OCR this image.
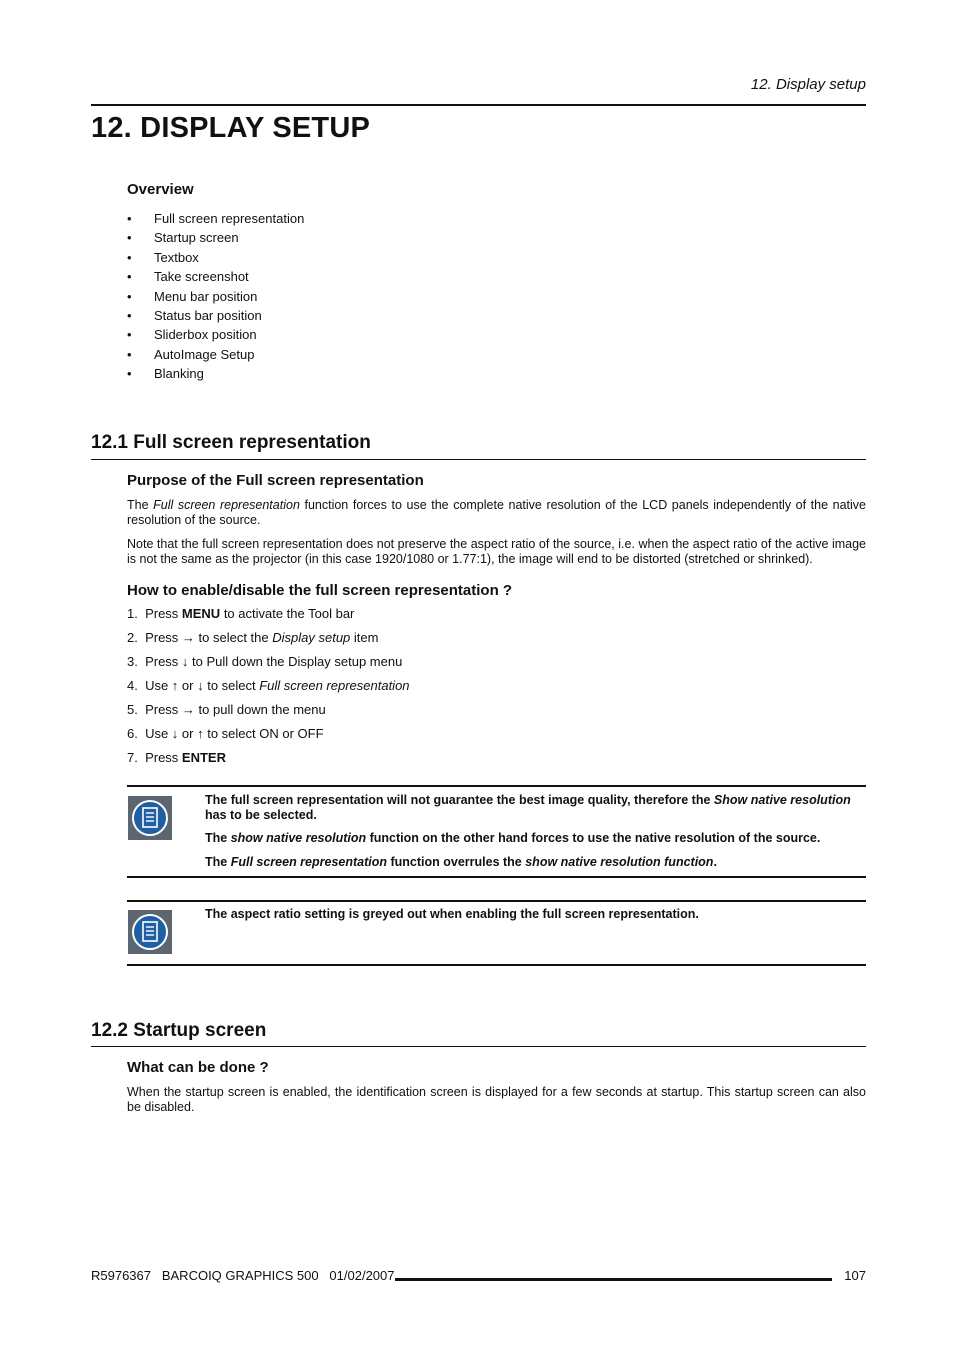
12. Display setup
12. DISPLAY SETUP
Overview
• Full screen representation
• Startup screen
• Textbox
• Take screenshot
• Menu bar position
• Status bar position
• Sliderbox position
• AutoImage Setup
• Blanking
12.1 Full screen representation
Purpose of the Full screen representation

The Full screen representation function forces to use the complete native resolution of the LCD panels independently of the native resolution of the source.

Note that the full screen representation does not preserve the aspect ratio of the source, i.e. when the aspect ratio of the active image is not the same as the projector (in this case 1920/1080 or 1.77:1), the image will end to be distorted (stretched or shrinked).

How to enable/disable the full screen representation ?
1. Press MENU to activate the Tool bar
2. Press → to select the Display setup item
3. Press ↓ to Pull down the Display setup menu
4. Use ↑ or ↓ to select Full screen representation
5. Press → to pull down the menu
6. Use ↓ or ↑ to select ON or OFF
7. Press ENTER

The full screen representation will not guarantee the best image quality, therefore the Show native resolution has to be selected.

The show native resolution function on the other hand forces to use the native resolution of the source.

The Full screen representation function overrules the show native resolution function.

The aspect ratio setting is greyed out when enabling the full screen representation.

12.2 Startup screen
What can be done ?

When the startup screen is enabled, the identification screen is displayed for a few seconds at startup. This startup screen can also be disabled.

R5976367   BARCOIQ GRAPHICS 500   01/02/2007	107
